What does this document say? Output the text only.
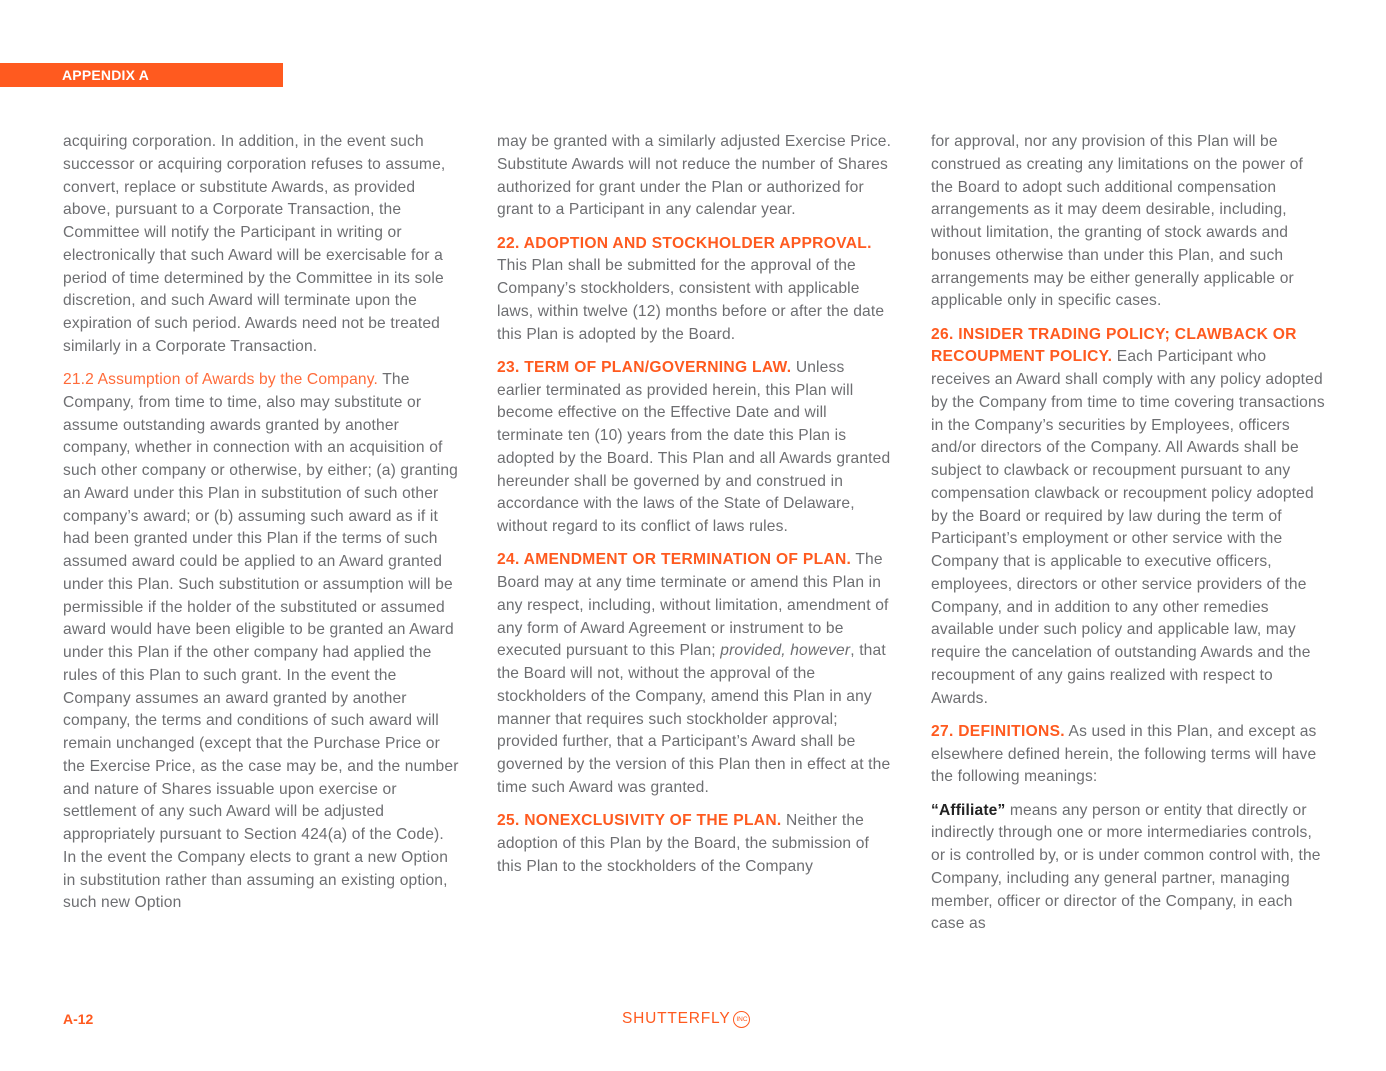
APPENDIX A

acquiring corporation. In addition, in the event such successor or acquiring corporation refuses to assume, convert, replace or substitute Awards, as provided above, pursuant to a Corporate Transaction, the Committee will notify the Participant in writing or electronically that such Award will be exercisable for a period of time determined by the Committee in its sole discretion, and such Award will terminate upon the expiration of such period. Awards need not be treated similarly in a Corporate Transaction.

21.2 Assumption of Awards by the Company. The Company, from time to time, also may substitute or assume outstanding awards granted by another company, whether in connection with an acquisition of such other company or otherwise, by either; (a) granting an Award under this Plan in substitution of such other company’s award; or (b) assuming such award as if it had been granted under this Plan if the terms of such assumed award could be applied to an Award granted under this Plan. Such substitution or assumption will be permissible if the holder of the substituted or assumed award would have been eligible to be granted an Award under this Plan if the other company had applied the rules of this Plan to such grant. In the event the Company assumes an award granted by another company, the terms and conditions of such award will remain unchanged (except that the Purchase Price or the Exercise Price, as the case may be, and the number and nature of Shares issuable upon exercise or settlement of any such Award will be adjusted appropriately pursuant to Section 424(a) of the Code). In the event the Company elects to grant a new Option in substitution rather than assuming an existing option, such new Option

may be granted with a similarly adjusted Exercise Price. Substitute Awards will not reduce the number of Shares authorized for grant under the Plan or authorized for grant to a Participant in any calendar year.

22. ADOPTION AND STOCKHOLDER APPROVAL. This Plan shall be submitted for the approval of the Company’s stockholders, consistent with applicable laws, within twelve (12) months before or after the date this Plan is adopted by the Board.

23. TERM OF PLAN/GOVERNING LAW. Unless earlier terminated as provided herein, this Plan will become effective on the Effective Date and will terminate ten (10) years from the date this Plan is adopted by the Board. This Plan and all Awards granted hereunder shall be governed by and construed in accordance with the laws of the State of Delaware, without regard to its conflict of laws rules.

24. AMENDMENT OR TERMINATION OF PLAN. The Board may at any time terminate or amend this Plan in any respect, including, without limitation, amendment of any form of Award Agreement or instrument to be executed pursuant to this Plan; provided, however, that the Board will not, without the approval of the stockholders of the Company, amend this Plan in any manner that requires such stockholder approval; provided further, that a Participant’s Award shall be governed by the version of this Plan then in effect at the time such Award was granted.

25. NONEXCLUSIVITY OF THE PLAN. Neither the adoption of this Plan by the Board, the submission of this Plan to the stockholders of the Company

for approval, nor any provision of this Plan will be construed as creating any limitations on the power of the Board to adopt such additional compensation arrangements as it may deem desirable, including, without limitation, the granting of stock awards and bonuses otherwise than under this Plan, and such arrangements may be either generally applicable or applicable only in specific cases.

26. INSIDER TRADING POLICY; CLAWBACK OR RECOUPMENT POLICY. Each Participant who receives an Award shall comply with any policy adopted by the Company from time to time covering transactions in the Company’s securities by Employees, officers and/or directors of the Company. All Awards shall be subject to clawback or recoupment pursuant to any compensation clawback or recoupment policy adopted by the Board or required by law during the term of Participant’s employment or other service with the Company that is applicable to executive officers, employees, directors or other service providers of the Company, and in addition to any other remedies available under such policy and applicable law, may require the cancelation of outstanding Awards and the recoupment of any gains realized with respect to Awards.

27. DEFINITIONS. As used in this Plan, and except as elsewhere defined herein, the following terms will have the following meanings:

“Affiliate” means any person or entity that directly or indirectly through one or more intermediaries controls, or is controlled by, or is under common control with, the Company, including any general partner, managing member, officer or director of the Company, in each case as

A-12	SHUTTERFLY INC
